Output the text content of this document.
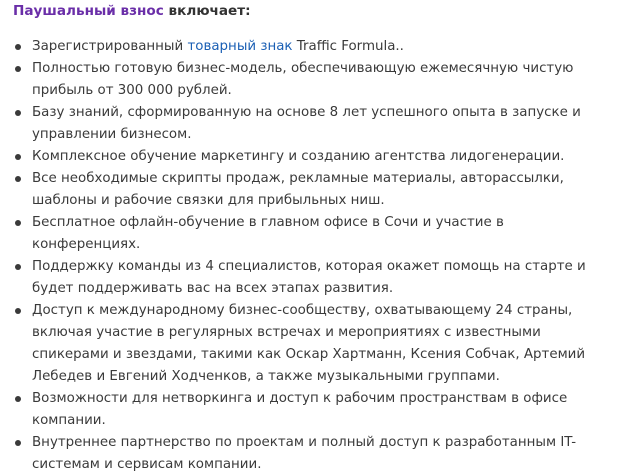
Паушальный взнос включает:
Зарегистрированный товарный знак Traffic Formula..
Полностью готовую бизнес-модель, обеспечивающую ежемесячную чистую прибыль от 300 000 рублей.
Базу знаний, сформированную на основе 8 лет успешного опыта в запуске и управлении бизнесом.
Комплексное обучение маркетингу и созданию агентства лидогенерации.
Все необходимые скрипты продаж, рекламные материалы, авторассылки, шаблоны и рабочие связки для прибыльных ниш.
Бесплатное офлайн-обучение в главном офисе в Сочи и участие в конференциях.
Поддержку команды из 4 специалистов, которая окажет помощь на старте и будет поддерживать вас на всех этапах развития.
Доступ к международному бизнес-сообществу, охватывающему 24 страны, включая участие в регулярных встречах и мероприятиях с известными спикерами и звездами, такими как Оскар Хартманн, Ксения Собчак, Артемий Лебедев и Евгений Ходченков, а также музыкальными группами.
Возможности для нетворкинга и доступ к рабочим пространствам в офисе компании.
Внутреннее партнерство по проектам и полный доступ к разработанным IT-системам и сервисам компании.
